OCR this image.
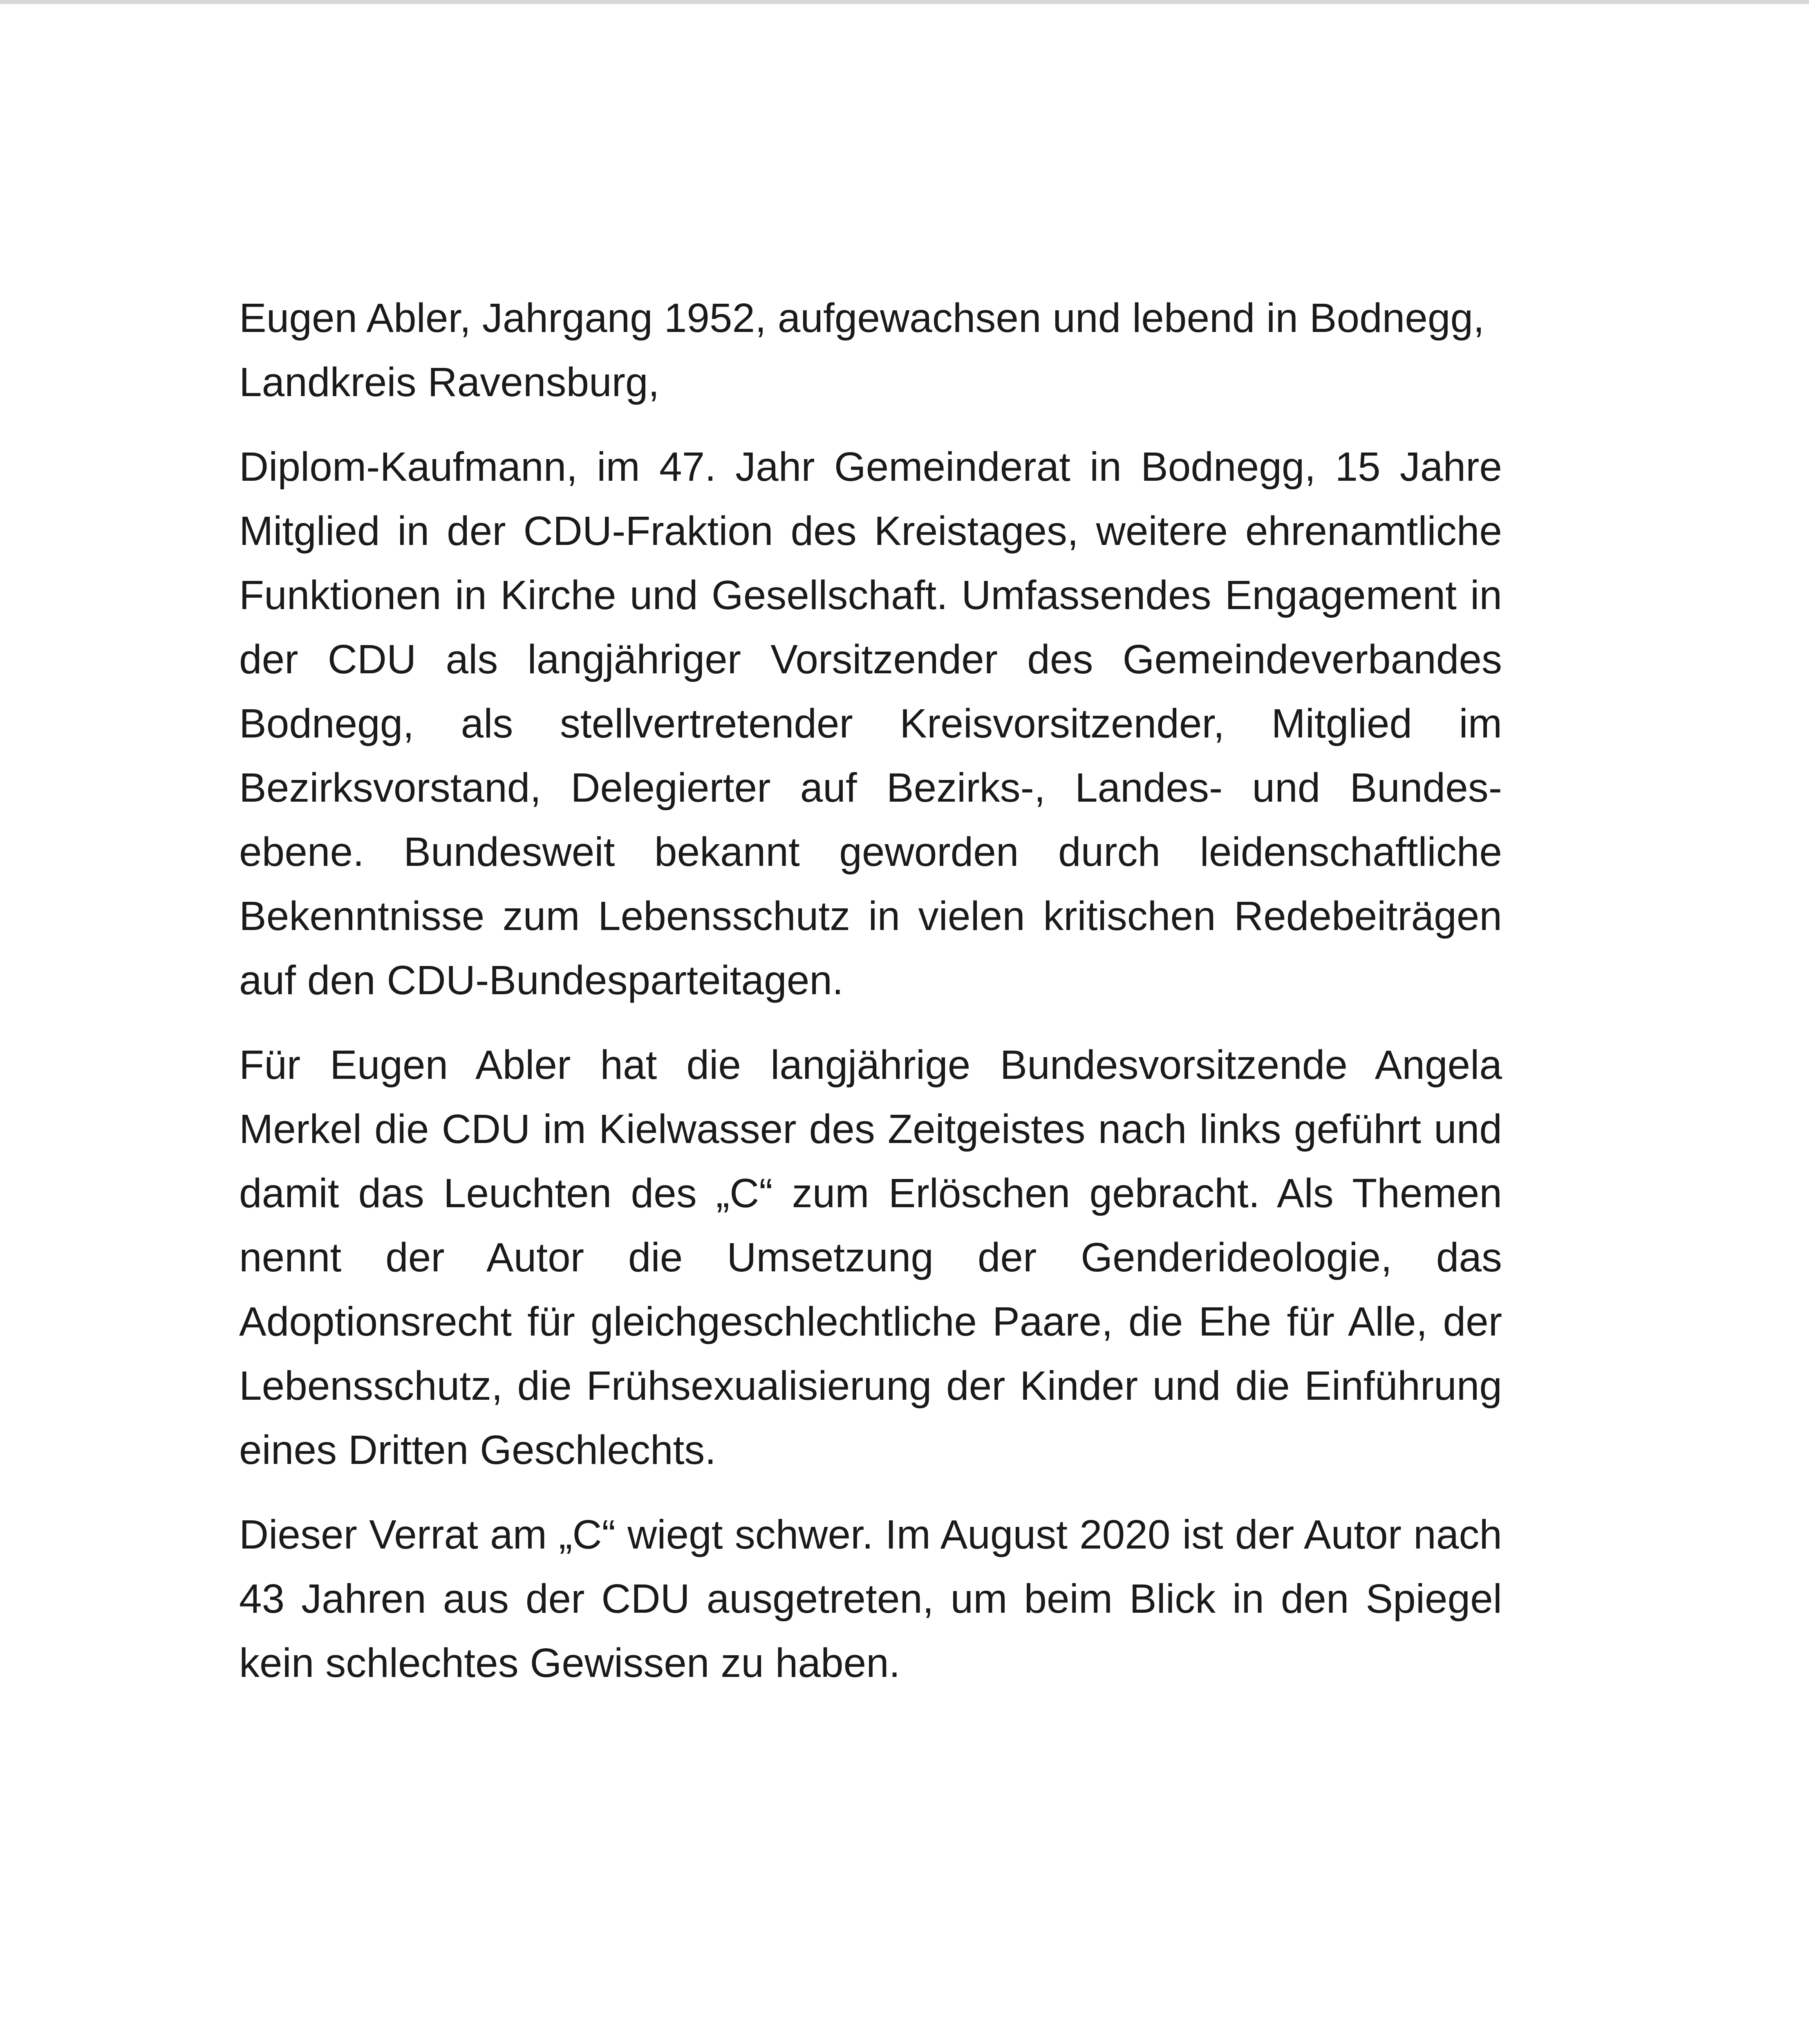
Eugen Abler, Jahrgang 1952, aufgewachsen und lebend in Bodnegg, Landkreis Ravensburg,

Diplom-Kaufmann, im 47. Jahr Gemeinderat in Bodnegg, 15 Jahre Mitglied in der CDU-Fraktion des Kreistages, weitere ehrenamtliche Funktionen in Kirche und Gesellschaft. Umfassendes Engagement in der CDU als langjähriger Vorsitzender des Gemeindeverbandes Bodnegg, als stellvertretender Kreisvorsitzender, Mitglied im Bezirksvorstand, Delegierter auf Bezirks-, Landes- und Bundes-ebene. Bundesweit bekannt geworden durch leidenschaftliche Bekenntnisse zum Lebensschutz in vielen kritischen Redebeiträgen auf den CDU-Bundesparteitagen.

Für Eugen Abler hat die langjährige Bundesvorsitzende Angela Merkel die CDU im Kielwasser des Zeitgeistes nach links geführt und damit das Leuchten des „C“ zum Erlöschen gebracht. Als Themen nennt der Autor die Umsetzung der Genderideologie, das Adoptionsrecht für gleichgeschlechtliche Paare, die Ehe für Alle, der Lebensschutz, die Frühsexualisierung der Kinder und die Einführung eines Dritten Geschlechts.

Dieser Verrat am „C“ wiegt schwer. Im August 2020 ist der Autor nach 43 Jahren aus der CDU ausgetreten, um beim Blick in den Spiegel kein schlechtes Gewissen zu haben.
